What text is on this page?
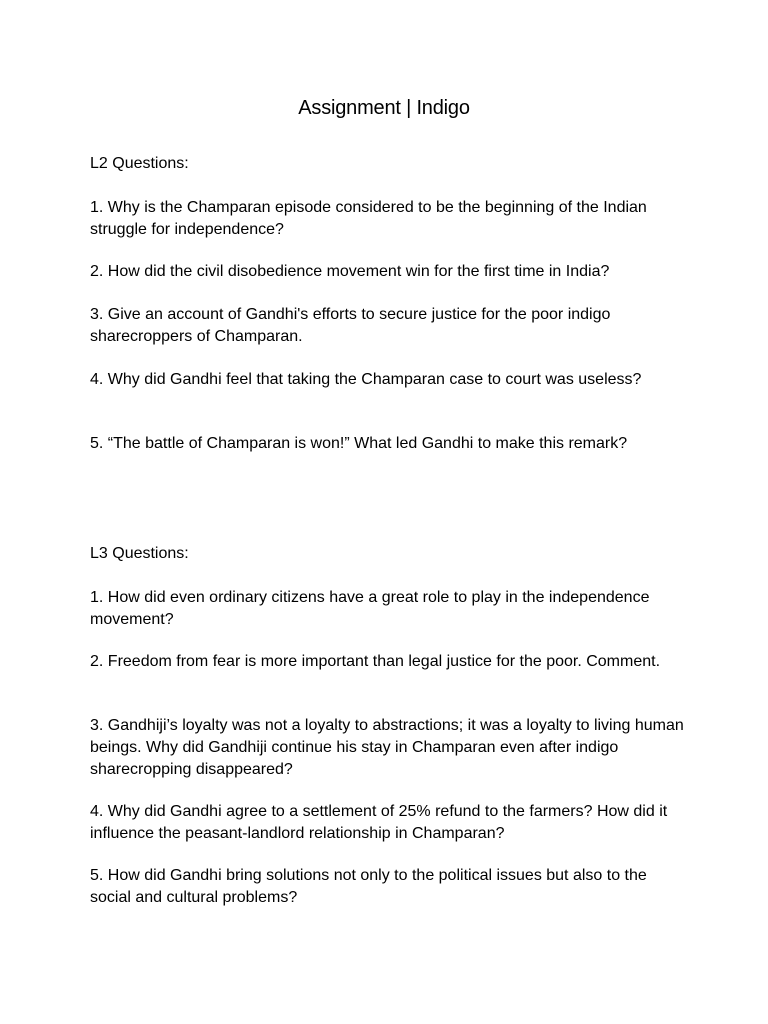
Assignment | Indigo
L2 Questions:
1. Why is the Champaran episode considered to be the beginning of the Indian struggle for independence?
2. How did the civil disobedience movement win for the first time in India?
3. Give an account of Gandhi's efforts to secure justice for the poor indigo sharecroppers of Champaran.
4. Why did Gandhi feel that taking the Champaran case to court was useless?
5. “The battle of Champaran is won!” What led Gandhi to make this remark?
L3 Questions:
1. How did even ordinary citizens have a great role to play in the independence movement?
2. Freedom from fear is more important than legal justice for the poor. Comment.
3. Gandhiji’s loyalty was not a loyalty to abstractions; it was a loyalty to living human beings. Why did Gandhiji continue his stay in Champaran even after indigo sharecropping disappeared?
4. Why did Gandhi agree to a settlement of 25% refund to the farmers? How did it influence the peasant-landlord relationship in Champaran?
5. How did Gandhi bring solutions not only to the political issues but also to the social and cultural problems?
